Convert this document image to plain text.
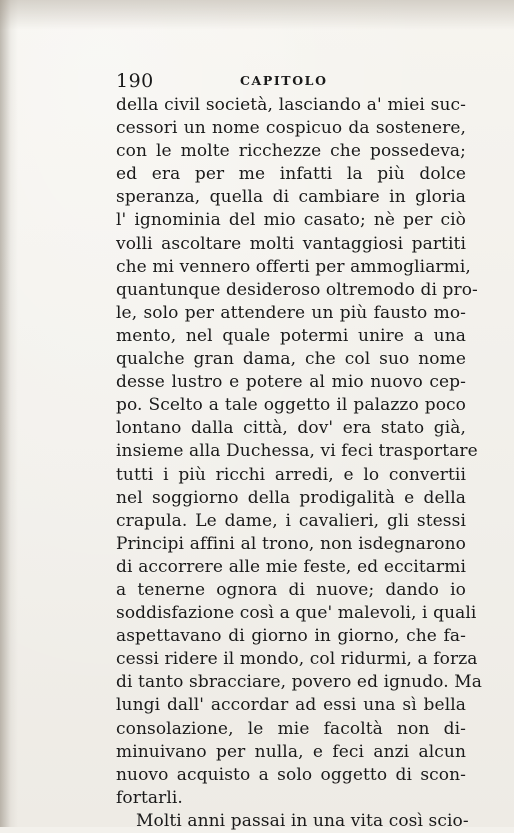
190	CAPITOLO
della civil società, lasciando a' miei suc-
cessori un nome cospicuo da sostenere,
con le molte ricchezze che possedeva;
ed era per me infatti la più dolce
speranza, quella di cambiare in gloria
l' ignominia del mio casato; nè per ciò
volli ascoltare molti vantaggiosi partiti
che mi vennero offerti per ammogliarmi,
quantunque desideroso oltremodo di pro-
le, solo per attendere un più fausto mo-
mento, nel quale potermi unire a una
qualche gran dama, che col suo nome
desse lustro e potere al mio nuovo cep-
po. Scelto a tale oggetto il palazzo poco
lontano dalla città, dov' era stato già,
insieme alla Duchessa, vi feci trasportare
tutti i più ricchi arredi, e lo convertii
nel soggiorno della prodigalità e della
crapula. Le dame, i cavalieri, gli stessi
Principi affini al trono, non isdegnarono
di accorrere alle mie feste, ed eccitarmi
a tenerne ognora di nuove; dando io
soddisfazione così a que' malevoli, i quali
aspettavano di giorno in giorno, che fa-
cessi ridere il mondo, col ridurmi, a forza
di tanto sbracciare, povero ed ignudo. Ma
lungi dall' accordar ad essi una sì bella
consolazione, le mie facoltà non di-
minuivano per nulla, e feci anzi alcun
nuovo acquisto a solo oggetto di scon-
fortarli.
Molti anni passai in una vita così scio-
